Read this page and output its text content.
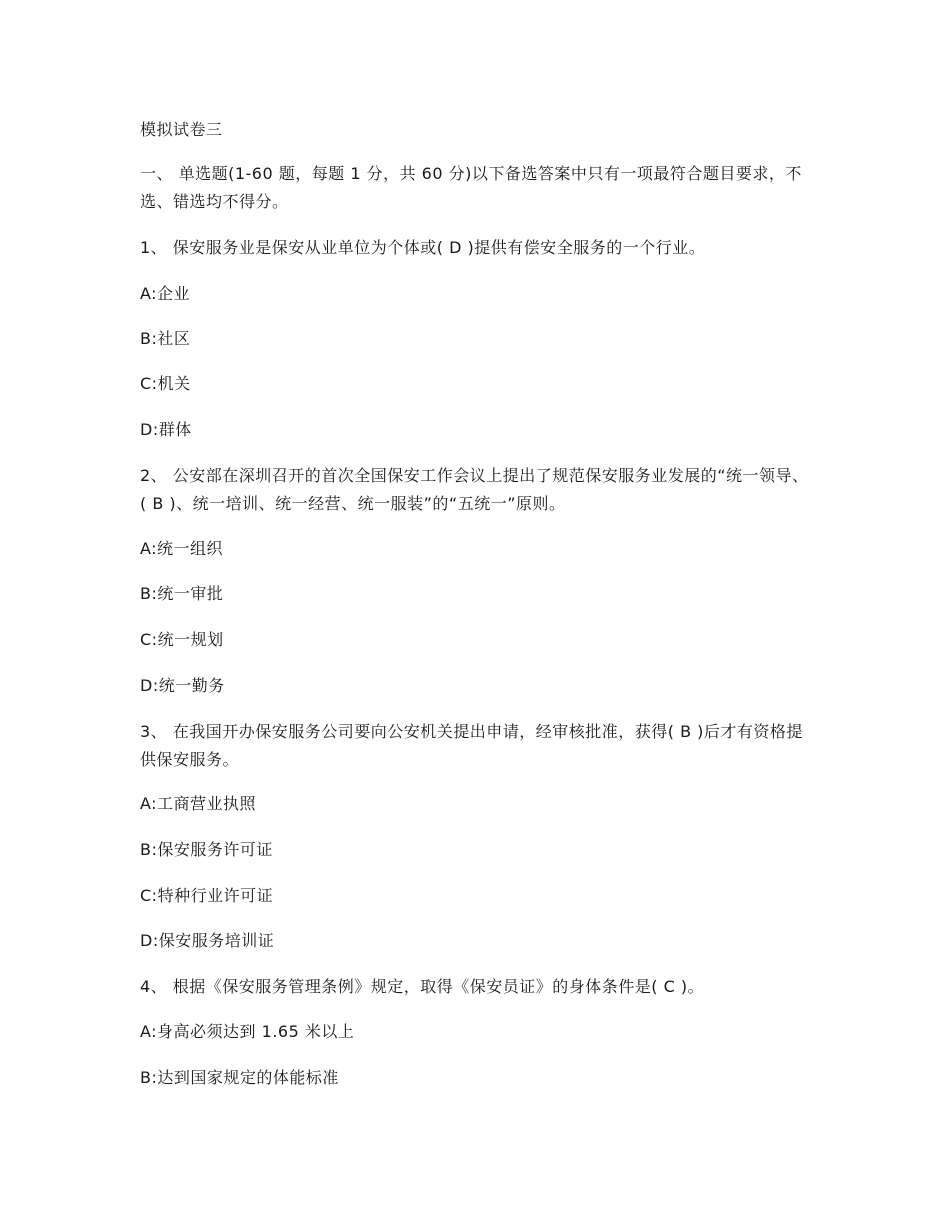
模拟试卷三
一、 单选题(1-60 题，每题 1 分，共 60 分)以下备选答案中只有一项最符合题目要求，不选、错选均不得分。
1、 保安服务业是保安从业单位为个体或( D )提供有偿安全服务的一个行业。
A:企业
B:社区
C:机关
D:群体
2、 公安部在深圳召开的首次全国保安工作会议上提出了规范保安服务业发展的“统一领导、( B )、统一培训、统一经营、统一服装”的“五统一”原则。
A:统一组织
B:统一审批
C:统一规划
D:统一勤务
3、 在我国开办保安服务公司要向公安机关提出申请，经审核批准，获得( B )后才有资格提供保安服务。
A:工商营业执照
B:保安服务许可证
C:特种行业许可证
D:保安服务培训证
4、 根据《保安服务管理条例》规定，取得《保安员证》的身体条件是( C )。
A:身高必须达到 1.65 米以上
B:达到国家规定的体能标准
